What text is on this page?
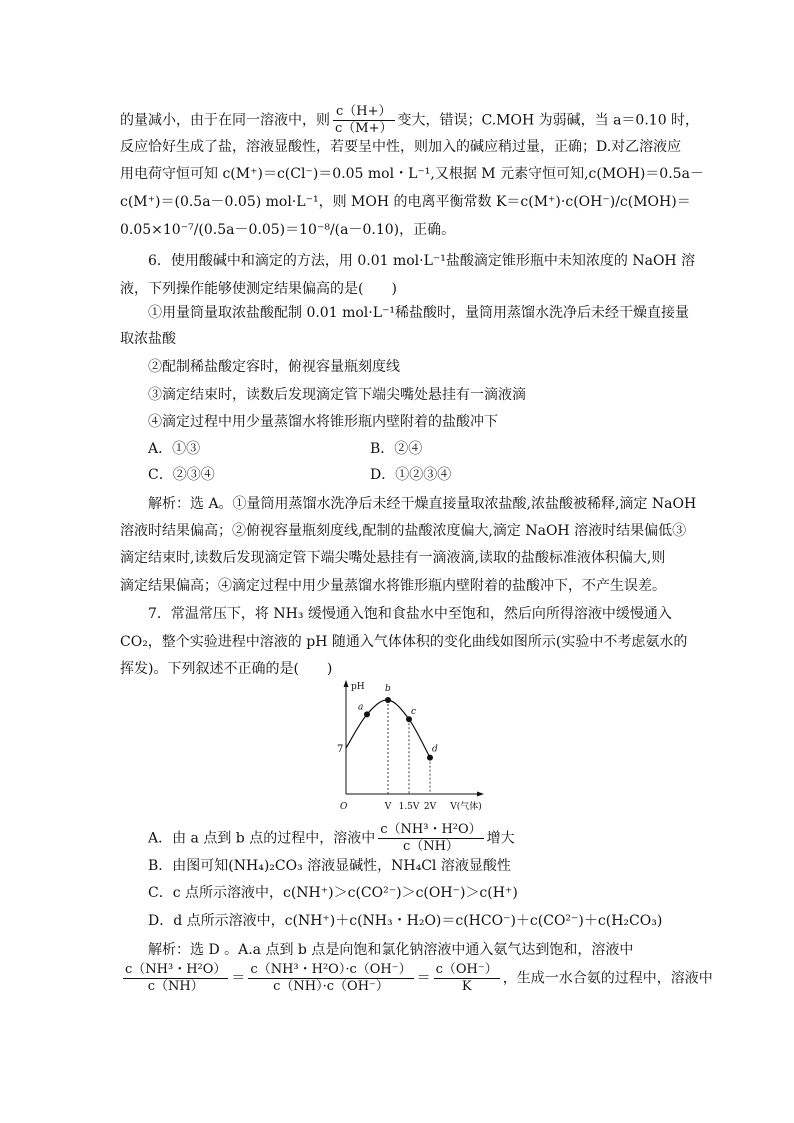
的量减小，由于在同一溶液中，则 $\frac{c(H+)}{c(M+)}$ 变大，错误；C.MOH 为弱碱，当 a＝0.10 时，
反应恰好生成了盐，溶液显酸性，若要呈中性，则加入的碱应稍过量，正确；D.对乙溶液应
用电荷守恒可知 c(M⁺)＝c(Cl⁻)＝0.05 mol・L⁻¹,又根据 M 元素守恒可知,c(MOH)＝0.5a－
c(M⁺)＝(0.5a－0.05) mol·L⁻¹，则 MOH 的电离平衡常数 K＝c(M⁺)·c(OH⁻)/c(MOH)＝
0.05×10⁻⁷/(0.5a－0.05)＝10⁻⁸/(a－0.10)，正确。
6．使用酸碱中和滴定的方法，用 0.01 mol·L⁻¹盐酸滴定锥形瓶中未知浓度的 NaOH 溶
液，下列操作能够使测定结果偏高的是(　　)
①用量筒量取浓盐酸配制 0.01 mol·L⁻¹稀盐酸时，量筒用蒸馏水洗净后未经干燥直接量
取浓盐酸
②配制稀盐酸定容时，俯视容量瓶刻度线
③滴定结束时，读数后发现滴定管下端尖嘴处悬挂有一滴液滴
④滴定过程中用少量蒸馏水将锥形瓶内壁附着的盐酸冲下
A．①③	B．②④
C．②③④	D．①②③④
解析：选 A。①量筒用蒸馏水洗净后未经干燥直接量取浓盐酸,浓盐酸被稀释,滴定 NaOH
溶液时结果偏高；②俯视容量瓶刻度线,配制的盐酸浓度偏大,滴定 NaOH 溶液时结果偏低③
滴定结束时,读数后发现滴定管下端尖嘴处悬挂有一滴液滴,读取的盐酸标准液体积偏大,则
滴定结果偏高；④滴定过程中用少量蒸馏水将锥形瓶内壁附着的盐酸冲下，不产生误差。
7．常温常压下，将 NH₃ 缓慢通入饱和食盐水中至饱和，然后向所得溶液中缓慢通入
CO₂，整个实验进程中溶液的 pH 随通入气体体积的变化曲线如图所示(实验中不考虑氨水的
挥发)。下列叙述不正确的是(　　)
a
b
c
d
pH
7
O	V 1.5V 2V V(气体)
A．由 a 点到 b 点的过程中，溶液中 $\frac{\text{c（NH³・H²O）}}{c(NH)}$ 增大
B．由图可知(NH₄)₂CO₃ 溶液显碱性，NH₄Cl 溶液显酸性
C．c 点所示溶液中，c(NH⁺)＞c(CO²⁻)＞c(OH⁻)＞c(H⁺)
D．d 点所示溶液中，c(NH⁺)＋c(NH₃・H₂O)＝c(HCO⁻)＋c(CO²⁻)＋c(H₂CO₃)
解析：选 D 。A.a 点到 b 点是向饱和氯化钠溶液中通入氨气达到饱和，溶液中
$\frac{\text{c（NH³・H²O）}}{c(NH)} = \frac{\text{c（NH³・H²O）·c（OH⁻）}}{c(NH)\cdot c(OH^-)} = \frac{c(OH^-)}{K}$ ，生成一水合氨的过程中，溶液中
